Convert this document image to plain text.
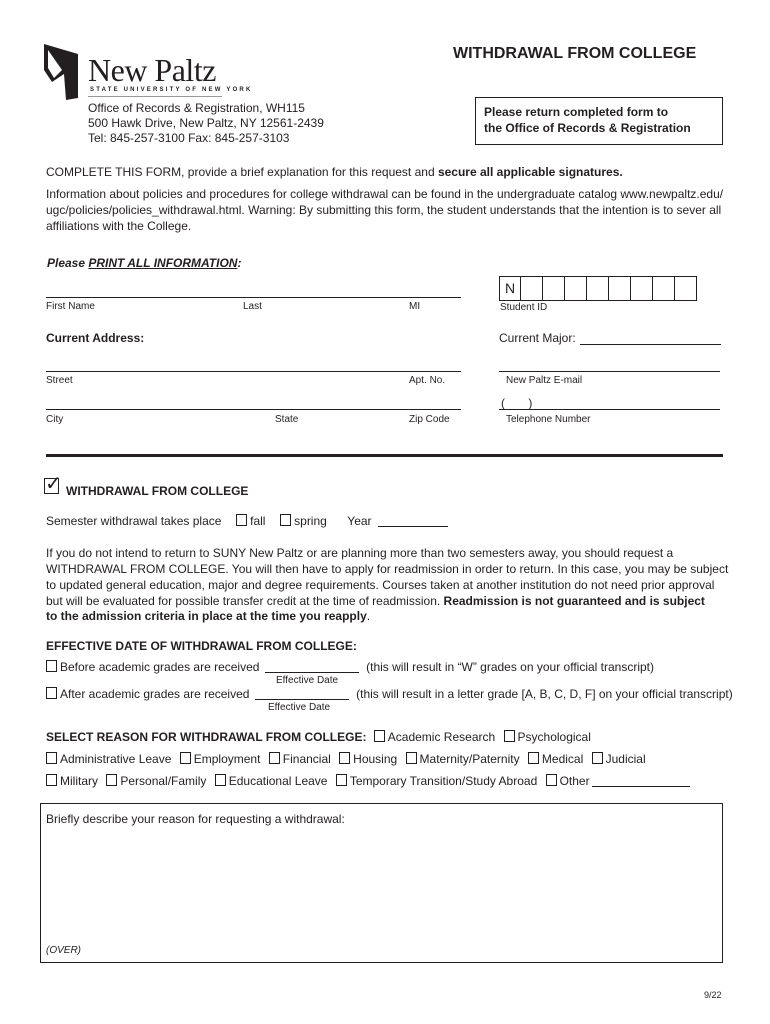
New Paltz
STATE UNIVERSITY OF NEW YORK
WITHDRAWAL FROM COLLEGE
Office of Records & Registration, WH115
500 Hawk Drive, New Paltz, NY 12561-2439
Tel: 845-257-3100 Fax: 845-257-3103
Please return completed form to
the Office of Records & Registration
COMPLETE THIS FORM, provide a brief explanation for this request and secure all applicable signatures.
Information about policies and procedures for college withdrawal can be found in the undergraduate catalog www.newpaltz.edu/
ugc/policies/policies_withdrawal.html. Warning: By submitting this form, the student understands that the intention is to sever all
affiliations with the College.
Please PRINT ALL INFORMATION:
First Name	Last	MI
N
Student ID
Current Address:	Current Major:
Street	Apt. No.	New Paltz E-mail
City	State	Zip Code
(       )
Telephone Number
✓ WITHDRAWAL FROM COLLEGE
Semester withdrawal takes place fall spring Year
If you do not intend to return to SUNY New Paltz or are planning more than two semesters away, you should request a
WITHDRAWAL FROM COLLEGE. You will then have to apply for readmission in order to return. In this case, you may be subject
to updated general education, major and degree requirements. Courses taken at another institution do not need prior approval
but will be evaluated for possible transfer credit at the time of readmission. Readmission is not guaranteed and is subject
to the admission criteria in place at the time you reapply.
EFFECTIVE DATE OF WITHDRAWAL FROM COLLEGE:
Before academic grades are received	(this will result in “W” grades on your official transcript)
Effective Date
After academic grades are received	(this will result in a letter grade [A, B, C, D, F] on your official transcript)
Effective Date
SELECT REASON FOR WITHDRAWAL FROM COLLEGE: Academic Research Psychological
Administrative Leave Employment Financial Housing Maternity/Paternity Medical Judicial
Military Personal/Family Educational Leave Temporary Transition/Study Abroad Other
Briefly describe your reason for requesting a withdrawal:
(OVER)
9/22
